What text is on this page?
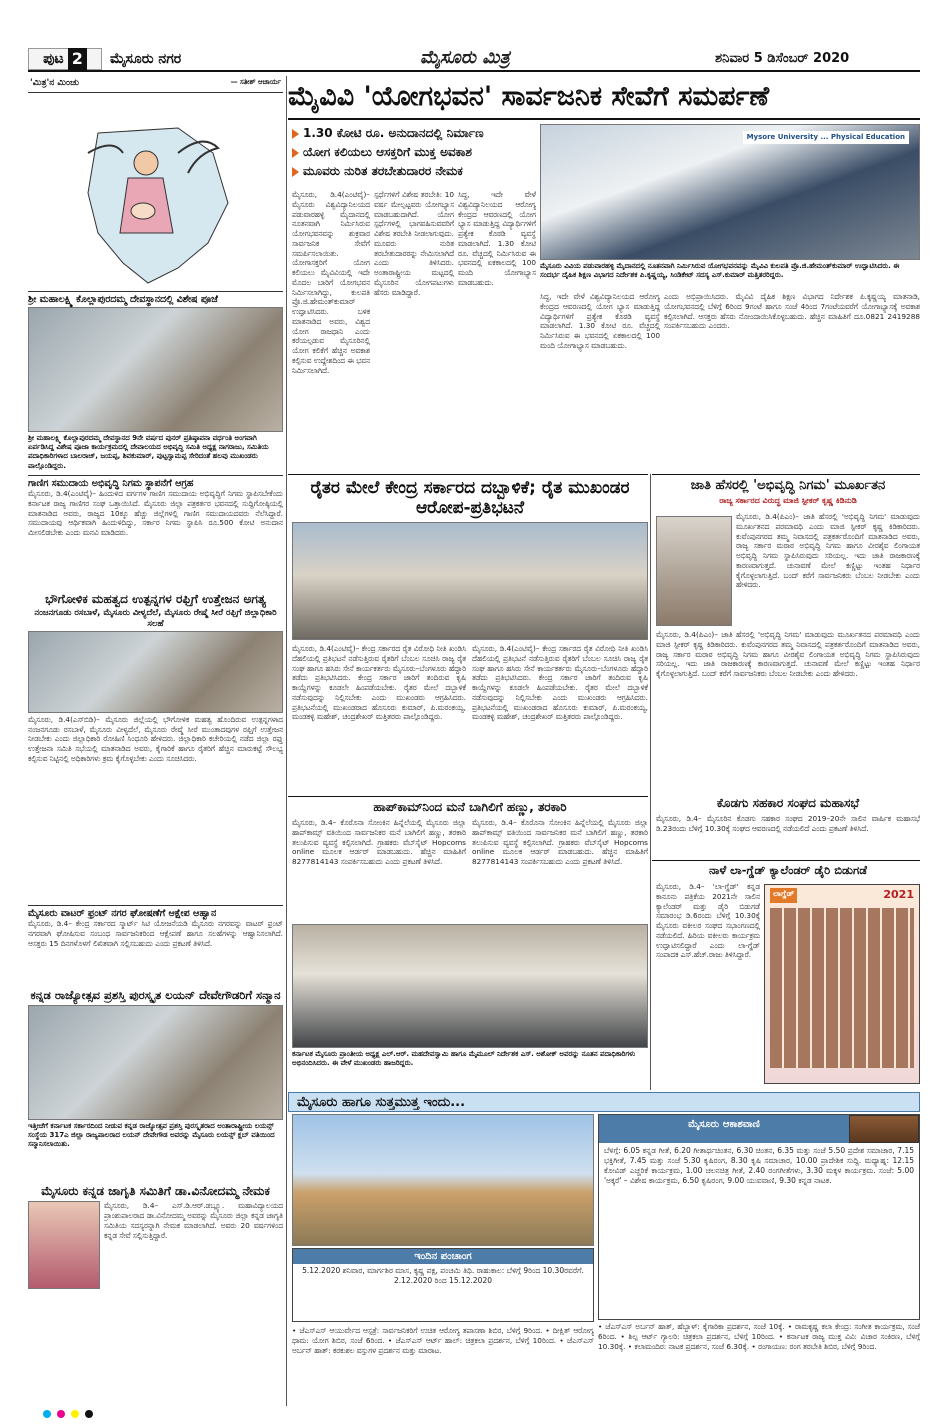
ಪುಟ 2 ಮೈಸೂರು ನಗರ	ಮೈಸೂರು ಮಿತ್ರ	ಶನಿವಾರ 5 ಡಿಸೆಂಬರ್ 2020
'ಮಿತ್ರ'ನ ಮಿಂಚು	— ಸತೀಶ್ ಆಚಾರ್ಯ
ಶ್ರೀ ಮಹಾಲಕ್ಷ್ಮಿ ಕೊಲ್ಲಾಪುರದಮ್ಮ ದೇವಸ್ಥಾನದಲ್ಲಿ ವಿಶೇಷ ಪೂಜೆ
ಶ್ರೀ ಮಹಾಲಕ್ಷ್ಮಿ ಕೊಲ್ಲಾಪುರದಮ್ಮ ದೇವಸ್ಥಾನದ 9ನೇ ವರ್ಷದ ಪುನರ್ ಪ್ರತಿಷ್ಠಾಪನಾ ವರ್ಧಂತಿ ಅಂಗವಾಗಿ ಏರ್ಪಡಿಸಿದ್ದ ವಿಶೇಷ ಪೂಜಾ ಕಾರ್ಯಕ್ರಮದಲ್ಲಿ ದೇವಾಲಯದ ಅಭಿವೃದ್ಧಿ ಸಮಿತಿ ಅಧ್ಯಕ್ಷ ನಾಗರಾಜು, ಸಮಿತಿಯ ಪದಾಧಿಕಾರಿಗಳಾದ ಬಾಲರಾಜ್, ಜಯಪ್ಪ, ಶಿವಕುಮಾರ್, ಪುಟ್ಟಸ್ವಾಮಪ್ಪ ಸೇರಿದಂತೆ ಹಲವು ಮುಖಂಡರು ಪಾಲ್ಗೊಂಡಿದ್ದರು.
ಗಾಣಿಗ ಸಮುದಾಯ ಅಭಿವೃದ್ಧಿ ನಿಗಮ ಸ್ಥಾಪನೆಗೆ ಆಗ್ರಹ
ಮೈಸೂರು, ಡಿ.4(ಎಂಟಿವೈ)– ಹಿಂದುಳಿದ ವರ್ಗಗಳ ಗಾಣಿಗ ಸಮುದಾಯ ಅಭಿವೃದ್ಧಿಗೆ ನಿಗಮ ಸ್ಥಾಪಿಸಬೇಕೆಂದು ಕರ್ನಾಟಕ ರಾಜ್ಯ ಗಾಣಿಗರ ಸಂಘ ಒತ್ತಾಯಿಸಿದೆ. ಮೈಸೂರು ಜಿಲ್ಲಾ ಪತ್ರಕರ್ತರ ಭವನದಲ್ಲಿ ಸುದ್ದಿಗೋಷ್ಠಿಯಲ್ಲಿ ಮಾತನಾಡಿದ ಅವರು, ರಾಜ್ಯದ 10ಕ್ಕೂ ಹೆಚ್ಚು ಜಿಲ್ಲೆಗಳಲ್ಲಿ ಗಾಣಿಗ ಸಮುದಾಯದವರು ನೆಲೆಸಿದ್ದಾರೆ. ಸಮುದಾಯವು ಆರ್ಥಿಕವಾಗಿ ಹಿಂದುಳಿದಿದ್ದು, ಸರ್ಕಾರ ನಿಗಮ ಸ್ಥಾಪಿಸಿ ರೂ.500 ಕೋಟಿ ಅನುದಾನ ಮೀಸಲಿಡಬೇಕು ಎಂದು ಮನವಿ ಮಾಡಿದರು.
ಭೌಗೋಳಿಕ ಮಹತ್ವದ ಉತ್ಪನ್ನಗಳ ರಫ್ತಿಗೆ ಉತ್ತೇಜನ ಅಗತ್ಯ
ನಂಜನಗೂಡು ರಸಬಾಳೆ, ಮೈಸೂರು ವೀಳ್ಯದೆಲೆ, ಮೈಸೂರು ರೇಷ್ಮೆ ಸೀರೆ ರಫ್ತಿಗೆ ಜಿಲ್ಲಾಧಿಕಾರಿ ಸಲಹೆ
ಮೈಸೂರು, ಡಿ.4(ಎಸ್‌ಬಿಡಿ)– ಮೈಸೂರು ಜಿಲ್ಲೆಯಲ್ಲಿ ಭೌಗೋಳಿಕ ಮಹತ್ವ ಹೊಂದಿರುವ ಉತ್ಪನ್ನಗಳಾದ ನಂಜನಗೂಡು ರಸಬಾಳೆ, ಮೈಸೂರು ವೀಳ್ಯದೆಲೆ, ಮೈಸೂರು ರೇಷ್ಮೆ ಸೀರೆ ಮುಂತಾದವುಗಳ ರಫ್ತಿಗೆ ಉತ್ತೇಜನ ನೀಡಬೇಕು ಎಂದು ಜಿಲ್ಲಾಧಿಕಾರಿ ರೋಹಿಣಿ ಸಿಂಧೂರಿ ಹೇಳಿದರು. ಜಿಲ್ಲಾಧಿಕಾರಿ ಕಚೇರಿಯಲ್ಲಿ ನಡೆದ ಜಿಲ್ಲಾ ರಫ್ತು ಉತ್ತೇಜನಾ ಸಮಿತಿ ಸಭೆಯಲ್ಲಿ ಮಾತನಾಡಿದ ಅವರು, ಕೈಗಾರಿಕೆ ಹಾಗೂ ರೈತರಿಗೆ ಹೆಚ್ಚಿನ ಮಾರುಕಟ್ಟೆ ಸೌಲಭ್ಯ ಕಲ್ಪಿಸುವ ನಿಟ್ಟಿನಲ್ಲಿ ಅಧಿಕಾರಿಗಳು ಕ್ರಮ ಕೈಗೊಳ್ಳಬೇಕು ಎಂದು ಸೂಚಿಸಿದರು.
ಮೈಸೂರು ವಾಟರ್ ಫ್ರಂಟ್ ನಗರ ಘೋಷಣೆಗೆ ಆಕ್ಷೇಪ ಆಹ್ವಾನ
ಮೈಸೂರು, ಡಿ.4– ಕೇಂದ್ರ ಸರ್ಕಾರದ ಸ್ಮಾರ್ಟ್ ಸಿಟಿ ಯೋಜನೆಯಡಿ ಮೈಸೂರು ನಗರವನ್ನು ವಾಟರ್ ಫ್ರಂಟ್ ನಗರವಾಗಿ ಘೋಷಿಸುವ ಸಂಬಂಧ ಸಾರ್ವಜನಿಕರಿಂದ ಆಕ್ಷೇಪಣೆ ಹಾಗೂ ಸಲಹೆಗಳನ್ನು ಆಹ್ವಾನಿಸಲಾಗಿದೆ. ಆಸಕ್ತರು 15 ದಿನಗಳೊಳಗೆ ಲಿಖಿತವಾಗಿ ಸಲ್ಲಿಸಬಹುದು ಎಂದು ಪ್ರಕಟಣೆ ತಿಳಿಸಿದೆ.
ಕನ್ನಡ ರಾಜ್ಯೋತ್ಸವ ಪ್ರಶಸ್ತಿ ಪುರಸ್ಕೃತ ಲಯನ್ ದೇವೇಗೌಡರಿಗೆ ಸನ್ಮಾನ
ಇತ್ತೀಚೆಗೆ ಕರ್ನಾಟಕ ಸರ್ಕಾರದಿಂದ ನೀಡುವ ಕನ್ನಡ ರಾಜ್ಯೋತ್ಸವ ಪ್ರಶಸ್ತಿ ಪುರಸ್ಕೃತರಾದ ಅಂತಾರಾಷ್ಟ್ರೀಯ ಲಯನ್ಸ್ ಸಂಸ್ಥೆಯ 317ಎ ಜಿಲ್ಲಾ ರಾಜ್ಯಪಾಲರಾದ ಲಯನ್ ದೇವೇಗೌಡ ಅವರನ್ನು ಮೈಸೂರು ಲಯನ್ಸ್ ಕ್ಲಬ್ ವತಿಯಿಂದ ಸನ್ಮಾನಿಸಲಾಯಿತು.
ಮೈಸೂರು ಕನ್ನಡ ಜಾಗೃತಿ ಸಮಿತಿಗೆ ಡಾ.ವಿನೋದಮ್ಮ ನೇಮಕ
ಮೈಸೂರು, ಡಿ.4– ಎಸ್.ಡಿ.ಆರ್.ಡಬ್ಲ್ಯೂ. ಮಹಾವಿದ್ಯಾಲಯದ ಪ್ರಾಂಶುಪಾಲರಾದ ಡಾ.ವಿನೋದಮ್ಮ ಅವರನ್ನು ಮೈಸೂರು ಜಿಲ್ಲಾ ಕನ್ನಡ ಜಾಗೃತಿ ಸಮಿತಿಯ ಸದಸ್ಯರನ್ನಾಗಿ ನೇಮಕ ಮಾಡಲಾಗಿದೆ. ಅವರು 20 ವರ್ಷಗಳಿಂದ ಕನ್ನಡ ಸೇವೆ ಸಲ್ಲಿಸುತ್ತಿದ್ದಾರೆ.
ಮೈವಿವಿ 'ಯೋಗಭವನ' ಸಾರ್ವಜನಿಕ ಸೇವೆಗೆ ಸಮರ್ಪಣೆ
1.30 ಕೋಟಿ ರೂ. ಅನುದಾನದಲ್ಲಿ ನಿರ್ಮಾಣ
ಯೋಗ ಕಲಿಯಲು ಆಸಕ್ತರಿಗೆ ಮುಕ್ತ ಅವಕಾಶ
ಮೂವರು ನುರಿತ ತರಬೇತುದಾರರ ನೇಮಕ
Mysore University ... Physical Education
ಮೈಸೂರು ವಿವಿಯ ಪಡುವಾರಹಳ್ಳಿ ಮೈದಾನದಲ್ಲಿ ನೂತನವಾಗಿ ನಿರ್ಮಿಸಿರುವ ಯೋಗಭವನವನ್ನು ಮೈವಿವಿ ಕುಲಪತಿ ಪ್ರೊ.ಜಿ.ಹೇಮಂತ್‌ಕುಮಾರ್ ಉದ್ಘಾಟಿಸಿದರು. ಈ ಸಂದರ್ಭ ದೈಹಿಕ ಶಿಕ್ಷಣ ವಿಭಾಗದ ನಿರ್ದೇಶಕ ಪಿ.ಕೃಷ್ಣಯ್ಯ, ಸಿಂಡಿಕೇಟ್ ಸದಸ್ಯ ಎಸ್.ಕುಮಾರ್ ಮತ್ತಿತರರಿದ್ದರು.
ಮೈಸೂರು, ಡಿ.4(ಎಂಟಿವೈ)– ಮೈಸೂರು ವಿಶ್ವವಿದ್ಯಾನಿಲಯದ ಪಡುವಾರಹಳ್ಳಿ ಮೈದಾನದಲ್ಲಿ ನೂತನವಾಗಿ ನಿರ್ಮಿಸಿರುವ ಯೋಗಭವನವನ್ನು ಶುಕ್ರವಾರ ಸಾರ್ವಜನಿಕ ಸೇವೆಗೆ ಸಮರ್ಪಿಸಲಾಯಿತು. ಯೋಗಾಸಕ್ತರಿಗೆ ಯೋಗ ಕಲಿಯಲು ಮೈವಿವಿಯಲ್ಲಿ ಇದೇ ಮೊದಲ ಬಾರಿಗೆ ಯೋಗಭವನ ನಿರ್ಮಿಸಲಾಗಿದ್ದು, ಕುಲಪತಿ ಪ್ರೊ.ಜಿ.ಹೇಮಂತ್‌ಕುಮಾರ್ ಉದ್ಘಾಟಿಸಿದರು. ಬಳಿಕ ಮಾತನಾಡಿದ ಅವರು, ವಿಶ್ವದ ಯೋಗ ರಾಜಧಾನಿ ಎಂದು ಕರೆಯಲ್ಪಡುವ ಮೈಸೂರಿನಲ್ಲಿ ಯೋಗ ಕಲಿಕೆಗೆ ಹೆಚ್ಚಿನ ಅವಕಾಶ ಕಲ್ಪಿಸುವ ಉದ್ದೇಶದಿಂದ ಈ ಭವನ ನಿರ್ಮಿಸಲಾಗಿದೆ.
ಸ್ಪರ್ಧೆಗಳಿಗೆ ವಿಶೇಷ ತರಬೇತಿ: 10 ವರ್ಷ ಮೇಲ್ಪಟ್ಟವರು ಯೋಗಭ್ಯಾಸ ಮಾಡಬಹುದಾಗಿದೆ. ಯೋಗ ಸ್ಪರ್ಧೆಗಳಲ್ಲಿ ಭಾಗವಹಿಸುವವರಿಗೆ ವಿಶೇಷ ತರಬೇತಿ ನೀಡಲಾಗುವುದು. ಮೂವರು ನುರಿತ ತರಬೇತುದಾರರನ್ನು ನೇಮಿಸಲಾಗಿದೆ ಎಂದು ತಿಳಿಸಿದರು. ಅಂತಾರಾಷ್ಟ್ರೀಯ ಮಟ್ಟದಲ್ಲಿ ಮೈಸೂರಿನ ಯೋಗಪಟುಗಳು ಹೆಸರು ಮಾಡಿದ್ದಾರೆ.
ಸಿದ್ಧ, ಇದೇ ವೇಳೆ ವಿಶ್ವವಿದ್ಯಾನಿಲಯದ ಆರೋಗ್ಯ ಕೇಂದ್ರದ ಆವರಣದಲ್ಲಿ ಯೋಗ ಭ್ಯಾಸ ಮಾಡುತ್ತಿದ್ದ ವಿದ್ಯಾರ್ಥಿಗಳಿಗೆ ಪ್ರತ್ಯೇಕ ಕೊಠಡಿ ವ್ಯವಸ್ಥೆ ಮಾಡಲಾಗಿದೆ. 1.30 ಕೋಟಿ ರೂ. ವೆಚ್ಚದಲ್ಲಿ ನಿರ್ಮಿಸಿರುವ ಈ ಭವನದಲ್ಲಿ ಏಕಕಾಲದಲ್ಲಿ 100 ಮಂದಿ ಯೋಗಾಭ್ಯಾಸ ಮಾಡಬಹುದು.
ಸಿದ್ಧ, ಇದೇ ವೇಳೆ ವಿಶ್ವವಿದ್ಯಾನಿಲಯದ ಆರೋಗ್ಯ ಕೇಂದ್ರದ ಆವರಣದಲ್ಲಿ ಯೋಗ ಭ್ಯಾಸ ಮಾಡುತ್ತಿದ್ದ ವಿದ್ಯಾರ್ಥಿಗಳಿಗೆ ಪ್ರತ್ಯೇಕ ಕೊಠಡಿ ವ್ಯವಸ್ಥೆ ಮಾಡಲಾಗಿದೆ. 1.30 ಕೋಟಿ ರೂ. ವೆಚ್ಚದಲ್ಲಿ ನಿರ್ಮಿಸಿರುವ ಈ ಭವನದಲ್ಲಿ ಏಕಕಾಲದಲ್ಲಿ 100 ಮಂದಿ ಯೋಗಾಭ್ಯಾಸ ಮಾಡಬಹುದು.
ಎಂದು ಅಭಿಪ್ರಾಯಿಸಿದರು. ಮೈವಿವಿ ದೈಹಿಕ ಶಿಕ್ಷಣ ವಿಭಾಗದ ನಿರ್ದೇಶಕ ಪಿ.ಕೃಷ್ಣಯ್ಯ ಮಾತನಾಡಿ, ಯೋಗಭವನದಲ್ಲಿ ಬೆಳಿಗ್ಗೆ 6ರಿಂದ 9ಗಂಟೆ ಹಾಗೂ ಸಂಜೆ 4ರಿಂದ 7ಗಂಟೆಯವರೆಗೆ ಯೋಗಾಭ್ಯಾಸಕ್ಕೆ ಅವಕಾಶ ಕಲ್ಪಿಸಲಾಗಿದೆ. ಆಸಕ್ತರು ಹೆಸರು ನೋಂದಾಯಿಸಿಕೊಳ್ಳಬಹುದು. ಹೆಚ್ಚಿನ ಮಾಹಿತಿಗೆ ದೂ.0821 2419288 ಸಂಪರ್ಕಿಸಬಹುದು ಎಂದರು.
ರೈತರ ಮೇಲೆ ಕೇಂದ್ರ ಸರ್ಕಾರದ ದಬ್ಬಾಳಿಕೆ; ರೈತ ಮುಖಂಡರ ಆರೋಪ-ಪ್ರತಿಭಟನೆ
ಮೈಸೂರು, ಡಿ.4(ಎಂಟಿವೈ)– ಕೇಂದ್ರ ಸರ್ಕಾರದ ರೈತ ವಿರೋಧಿ ನೀತಿ ಖಂಡಿಸಿ ದೆಹಲಿಯಲ್ಲಿ ಪ್ರತಿಭಟನೆ ನಡೆಸುತ್ತಿರುವ ರೈತರಿಗೆ ಬೆಂಬಲ ಸೂಚಿಸಿ ರಾಜ್ಯ ರೈತ ಸಂಘ ಹಾಗೂ ಹಸಿರು ಸೇನೆ ಕಾರ್ಯಕರ್ತರು ಮೈಸೂರು–ಬೆಂಗಳೂರು ಹೆದ್ದಾರಿ ತಡೆದು ಪ್ರತಿಭಟಿಸಿದರು. ಕೇಂದ್ರ ಸರ್ಕಾರ ಜಾರಿಗೆ ತಂದಿರುವ ಕೃಷಿ ಕಾಯ್ದೆಗಳನ್ನು ಕೂಡಲೇ ಹಿಂಪಡೆಯಬೇಕು. ರೈತರ ಮೇಲೆ ದಬ್ಬಾಳಿಕೆ ನಡೆಸುವುದನ್ನು ನಿಲ್ಲಿಸಬೇಕು ಎಂದು ಮುಖಂಡರು ಆಗ್ರಹಿಸಿದರು. ಪ್ರತಿಭಟನೆಯಲ್ಲಿ ಮುಖಂಡರಾದ ಹೊಸೂರು ಕುಮಾರ್, ಪಿ.ಮರಂಕಯ್ಯ, ಮಂಡಕಳ್ಳಿ ಮಹೇಶ್, ಚಂದ್ರಶೇಖರ್ ಮತ್ತಿತರರು ಪಾಲ್ಗೊಂಡಿದ್ದರು.
ಮೈಸೂರು, ಡಿ.4(ಎಂಟಿವೈ)– ಕೇಂದ್ರ ಸರ್ಕಾರದ ರೈತ ವಿರೋಧಿ ನೀತಿ ಖಂಡಿಸಿ ದೆಹಲಿಯಲ್ಲಿ ಪ್ರತಿಭಟನೆ ನಡೆಸುತ್ತಿರುವ ರೈತರಿಗೆ ಬೆಂಬಲ ಸೂಚಿಸಿ ರಾಜ್ಯ ರೈತ ಸಂಘ ಹಾಗೂ ಹಸಿರು ಸೇನೆ ಕಾರ್ಯಕರ್ತರು ಮೈಸೂರು–ಬೆಂಗಳೂರು ಹೆದ್ದಾರಿ ತಡೆದು ಪ್ರತಿಭಟಿಸಿದರು. ಕೇಂದ್ರ ಸರ್ಕಾರ ಜಾರಿಗೆ ತಂದಿರುವ ಕೃಷಿ ಕಾಯ್ದೆಗಳನ್ನು ಕೂಡಲೇ ಹಿಂಪಡೆಯಬೇಕು. ರೈತರ ಮೇಲೆ ದಬ್ಬಾಳಿಕೆ ನಡೆಸುವುದನ್ನು ನಿಲ್ಲಿಸಬೇಕು ಎಂದು ಮುಖಂಡರು ಆಗ್ರಹಿಸಿದರು. ಪ್ರತಿಭಟನೆಯಲ್ಲಿ ಮುಖಂಡರಾದ ಹೊಸೂರು ಕುಮಾರ್, ಪಿ.ಮರಂಕಯ್ಯ, ಮಂಡಕಳ್ಳಿ ಮಹೇಶ್, ಚಂದ್ರಶೇಖರ್ ಮತ್ತಿತರರು ಪಾಲ್ಗೊಂಡಿದ್ದರು.
ಜಾತಿ ಹೆಸರಲ್ಲಿ 'ಅಭಿವೃದ್ಧಿ ನಿಗಮ' ಮೂರ್ಖತನ
ರಾಜ್ಯ ಸರ್ಕಾರದ ವಿರುದ್ಧ ಮಾಜಿ ಸ್ಪೀಕರ್ ಕೃಷ್ಣ ಕಿಡಿನುಡಿ
ಮೈಸೂರು, ಡಿ.4(ಪಿಎಂ)– ಜಾತಿ ಹೆಸರಲ್ಲಿ 'ಅಭಿವೃದ್ಧಿ ನಿಗಮ' ಮಾಡುವುದು ಮೂರ್ಖತನದ ಪರಮಾವಧಿ ಎಂದು ಮಾಜಿ ಸ್ಪೀಕರ್ ಕೃಷ್ಣ ಕಿಡಿಕಾರಿದರು. ಕುವೆಂಪುನಗರದ ತಮ್ಮ ನಿವಾಸದಲ್ಲಿ ಪತ್ರಕರ್ತರೊಂದಿಗೆ ಮಾತನಾಡಿದ ಅವರು, ರಾಜ್ಯ ಸರ್ಕಾರ ಮರಾಠ ಅಭಿವೃದ್ಧಿ ನಿಗಮ ಹಾಗೂ ವೀರಶೈವ ಲಿಂಗಾಯತ ಅಭಿವೃದ್ಧಿ ನಿಗಮ ಸ್ಥಾಪಿಸಿರುವುದು ಸರಿಯಲ್ಲ. ಇದು ಜಾತಿ ರಾಜಕಾರಣಕ್ಕೆ ಕಾರಣವಾಗುತ್ತದೆ. ಚುನಾವಣೆ ಮೇಲೆ ಕಣ್ಣಿಟ್ಟು ಇಂತಹ ನಿರ್ಧಾರ ಕೈಗೊಳ್ಳಲಾಗುತ್ತಿದೆ. ಬಂದ್ ಕರೆಗೆ ಸಾರ್ವಜನಿಕರು ಬೆಂಬಲ ನೀಡಬೇಕು ಎಂದು ಹೇಳಿದರು.
ಮೈಸೂರು, ಡಿ.4(ಪಿಎಂ)– ಜಾತಿ ಹೆಸರಲ್ಲಿ 'ಅಭಿವೃದ್ಧಿ ನಿಗಮ' ಮಾಡುವುದು ಮೂರ್ಖತನದ ಪರಮಾವಧಿ ಎಂದು ಮಾಜಿ ಸ್ಪೀಕರ್ ಕೃಷ್ಣ ಕಿಡಿಕಾರಿದರು. ಕುವೆಂಪುನಗರದ ತಮ್ಮ ನಿವಾಸದಲ್ಲಿ ಪತ್ರಕರ್ತರೊಂದಿಗೆ ಮಾತನಾಡಿದ ಅವರು, ರಾಜ್ಯ ಸರ್ಕಾರ ಮರಾಠ ಅಭಿವೃದ್ಧಿ ನಿಗಮ ಹಾಗೂ ವೀರಶೈವ ಲಿಂಗಾಯತ ಅಭಿವೃದ್ಧಿ ನಿಗಮ ಸ್ಥಾಪಿಸಿರುವುದು ಸರಿಯಲ್ಲ. ಇದು ಜಾತಿ ರಾಜಕಾರಣಕ್ಕೆ ಕಾರಣವಾಗುತ್ತದೆ. ಚುನಾವಣೆ ಮೇಲೆ ಕಣ್ಣಿಟ್ಟು ಇಂತಹ ನಿರ್ಧಾರ ಕೈಗೊಳ್ಳಲಾಗುತ್ತಿದೆ. ಬಂದ್ ಕರೆಗೆ ಸಾರ್ವಜನಿಕರು ಬೆಂಬಲ ನೀಡಬೇಕು ಎಂದು ಹೇಳಿದರು.
ಹಾಪ್‌ಕಾಮ್‌ನಿಂದ ಮನೆ ಬಾಗಿಲಿಗೆ ಹಣ್ಣು, ತರಕಾರಿ
ಮೈಸೂರು, ಡಿ.4– ಕೊರೊನಾ ಸೋಂಕಿನ ಹಿನ್ನೆಲೆಯಲ್ಲಿ ಮೈಸೂರು ಜಿಲ್ಲಾ ಹಾಪ್‌ಕಾಮ್ಸ್ ವತಿಯಿಂದ ಸಾರ್ವಜನಿಕರ ಮನೆ ಬಾಗಿಲಿಗೆ ಹಣ್ಣು, ತರಕಾರಿ ತಲುಪಿಸುವ ವ್ಯವಸ್ಥೆ ಕಲ್ಪಿಸಲಾಗಿದೆ. ಗ್ರಾಹಕರು ವೆಬ್‌ಸೈಟ್ Hopcoms online ಮೂಲಕ ಆರ್ಡರ್ ಮಾಡಬಹುದು. ಹೆಚ್ಚಿನ ಮಾಹಿತಿಗೆ 8277814143 ಸಂಪರ್ಕಿಸಬಹುದು ಎಂದು ಪ್ರಕಟಣೆ ತಿಳಿಸಿದೆ.
ಮೈಸೂರು, ಡಿ.4– ಕೊರೊನಾ ಸೋಂಕಿನ ಹಿನ್ನೆಲೆಯಲ್ಲಿ ಮೈಸೂರು ಜಿಲ್ಲಾ ಹಾಪ್‌ಕಾಮ್ಸ್ ವತಿಯಿಂದ ಸಾರ್ವಜನಿಕರ ಮನೆ ಬಾಗಿಲಿಗೆ ಹಣ್ಣು, ತರಕಾರಿ ತಲುಪಿಸುವ ವ್ಯವಸ್ಥೆ ಕಲ್ಪಿಸಲಾಗಿದೆ. ಗ್ರಾಹಕರು ವೆಬ್‌ಸೈಟ್ Hopcoms online ಮೂಲಕ ಆರ್ಡರ್ ಮಾಡಬಹುದು. ಹೆಚ್ಚಿನ ಮಾಹಿತಿಗೆ 8277814143 ಸಂಪರ್ಕಿಸಬಹುದು ಎಂದು ಪ್ರಕಟಣೆ ತಿಳಿಸಿದೆ.
ಕೊಡಗು ಸಹಕಾರ ಸಂಘದ ಮಹಾಸಭೆ
ಮೈಸೂರು, ಡಿ.4– ಮೈಸೂರಿನ ಕೊಡಗು ಸಹಕಾರ ಸಂಘದ 2019–20ನೇ ಸಾಲಿನ ವಾರ್ಷಿಕ ಮಹಾಸಭೆ ಡಿ.23ರಂದು ಬೆಳಿಗ್ಗೆ 10.30ಕ್ಕೆ ಸಂಘದ ಆವರಣದಲ್ಲಿ ನಡೆಯಲಿದೆ ಎಂದು ಪ್ರಕಟಣೆ ತಿಳಿಸಿದೆ.
ನಾಳೆ ಲಾ-ಗ್ಡೆಡ್ ಕ್ಯಾಲೆಂಡರ್ ಡೈರಿ ಬಿಡುಗಡೆ
ಮೈಸೂರು, ಡಿ.4– 'ಲಾ-ಗ್ಡೆಡ್' ಕನ್ನಡ ಕಾನೂನು ಪತ್ರಿಕೆಯ 2021ನೇ ಸಾಲಿನ ಕ್ಯಾಲೆಂಡರ್ ಮತ್ತು ಡೈರಿ ಬಿಡುಗಡೆ ಸಮಾರಂಭ ಡಿ.6ರಂದು ಬೆಳಿಗ್ಗೆ 10.30ಕ್ಕೆ ಮೈಸೂರು ವಕೀಲರ ಸಂಘದ ಸಭಾಂಗಣದಲ್ಲಿ ನಡೆಯಲಿದೆ. ಹಿರಿಯ ವಕೀಲರು ಕಾರ್ಯಕ್ರಮ ಉದ್ಘಾಟಿಸಲಿದ್ದಾರೆ ಎಂದು ಲಾ-ಗ್ಡೆಡ್ ಸಂಪಾದಕ ಎಸ್.ಹೆಚ್.ರಾಜು ತಿಳಿಸಿದ್ದಾರೆ.
ಲಾಗ್ಡೆಡ್	2021
ಕರ್ನಾಟಕ ಮೈಸೂರು ಪ್ರಾಂತೀಯ ಅಧ್ಯಕ್ಷ ಎಲ್.ಆರ್. ಮಹದೇವಸ್ವಾಮಿ ಹಾಗೂ ಮೈಮೂಲ್ ನಿರ್ದೇಶಕ ಎಸ್. ಅಶೋಕ್ ಅವರನ್ನು ನೂತನ ಪದಾಧಿಕಾರಿಗಳು ಅಭಿನಂದಿಸಿದರು. ಈ ವೇಳೆ ಮುಖಂಡರು ಹಾಜರಿದ್ದರು.
ಮೈಸೂರು ಹಾಗೂ ಸುತ್ತಮುತ್ತ ಇಂದು...
ಇಂದಿನ ಪಂಚಾಂಗ
5.12.2020 ಶನಿವಾರ, ಮಾರ್ಗಶಿರ ಮಾಸ, ಕೃಷ್ಣ ಪಕ್ಷ, ಪಂಚಮಿ ತಿಥಿ. ರಾಹುಕಾಲ: ಬೆಳಿಗ್ಗೆ 9ರಿಂದ 10.30ರವರೆಗೆ. 2.12.2020 ರಿಂದ 15.12.2020
• ಜೆಎಸ್‌ಎಸ್ ಆಯುರ್ವೇದ ಆಸ್ಪತ್ರೆ: ಸಾರ್ವಜನಿಕರಿಗೆ ಉಚಿತ ಆರೋಗ್ಯ ತಪಾಸಣಾ ಶಿಬಿರ, ಬೆಳಿಗ್ಗೆ 9ರಿಂದ. • ದೀಕ್ಷಿತ್ ಆರೋಗ್ಯ ಧಾಮ: ಯೋಗ ಶಿಬಿರ, ಸಂಜೆ 6ರಿಂದ. • ಜೆಎಸ್‌ಎಸ್ ಆರ್ಟ್ ಹಾಲ್: ಚಿತ್ರಕಲಾ ಪ್ರದರ್ಶನ, ಬೆಳಿಗ್ಗೆ 10ರಿಂದ. • ಜೆಎಸ್‌ಎಸ್ ಅರ್ಬನ್ ಹಾತ್: ಕರಕುಶಲ ವಸ್ತುಗಳ ಪ್ರದರ್ಶನ ಮತ್ತು ಮಾರಾಟ.
ಮೈಸೂರು ಆಕಾಶವಾಣಿ
ಬೆಳಿಗ್ಗೆ: 6.05 ಕನ್ನಡ ಗೀತೆ, 6.20 ಗೀತಾರ್ಥಚಿಂತನ, 6.30 ಚಿಂತನ, 6.35 ಮತ್ತು ಸಂಜೆ 5.50 ಪ್ರದೇಶ ಸಮಾಚಾರ, 7.15 ಭಕ್ತಿಗೀತೆ, 7.45 ಮತ್ತು ಸಂಜೆ 5.30 ಕೃಷಿರಂಗ, 8.30 ಕೃಷಿ ಸಮಾಚಾರ, 10.00 ಪ್ರಾದೇಶಿಕ ಸುದ್ದಿ. ಮಧ್ಯಾಹ್ನ: 12.15 ಕೋವಿಡ್ ಎಚ್ಚರಿಕೆ ಕಾರ್ಯಕ್ರಮ, 1.00 ಚಲನಚಿತ್ರ ಗೀತೆ, 2.40 ರಂಗಗೀತೆಗಳು, 3.30 ಮಕ್ಕಳ ಕಾರ್ಯಕ್ರಮ. ಸಂಜೆ: 5.00 'ಅಕ್ಕರೆ' – ವಿಶೇಷ ಕಾರ್ಯಕ್ರಮ, 6.50 ಕೃಷಿರಂಗ, 9.00 ಯುವವಾಣಿ, 9.30 ಕನ್ನಡ ನಾಟಕ.
• ಜೆಎಸ್‌ಎಸ್ ಅರ್ಬನ್ ಹಾತ್, ಹೆಬ್ಬಾಳ್: ಕೈಗಾರಿಕಾ ಪ್ರದರ್ಶನ, ಸಂಜೆ 10ಕ್ಕೆ. • ರಾಮಕೃಷ್ಣ ಕಲಾ ಕೇಂದ್ರ: ಸಂಗೀತ ಕಾರ್ಯಕ್ರಮ, ಸಂಜೆ 6ರಿಂದ. • ಶಿಲ್ಪ ಆರ್ಟ್ ಗ್ಯಾಲರಿ: ಚಿತ್ರಕಲಾ ಪ್ರದರ್ಶನ, ಬೆಳಿಗ್ಗೆ 10ರಿಂದ. • ಕರ್ನಾಟಕ ರಾಜ್ಯ ಮುಕ್ತ ವಿವಿ: ವಿಚಾರ ಸಂಕಿರಣ, ಬೆಳಿಗ್ಗೆ 10.30ಕ್ಕೆ. • ಕಲಾಮಂದಿರ: ನಾಟಕ ಪ್ರದರ್ಶನ, ಸಂಜೆ 6.30ಕ್ಕೆ. • ರಂಗಾಯಣ: ರಂಗ ತರಬೇತಿ ಶಿಬಿರ, ಬೆಳಿಗ್ಗೆ 9ರಿಂದ.
